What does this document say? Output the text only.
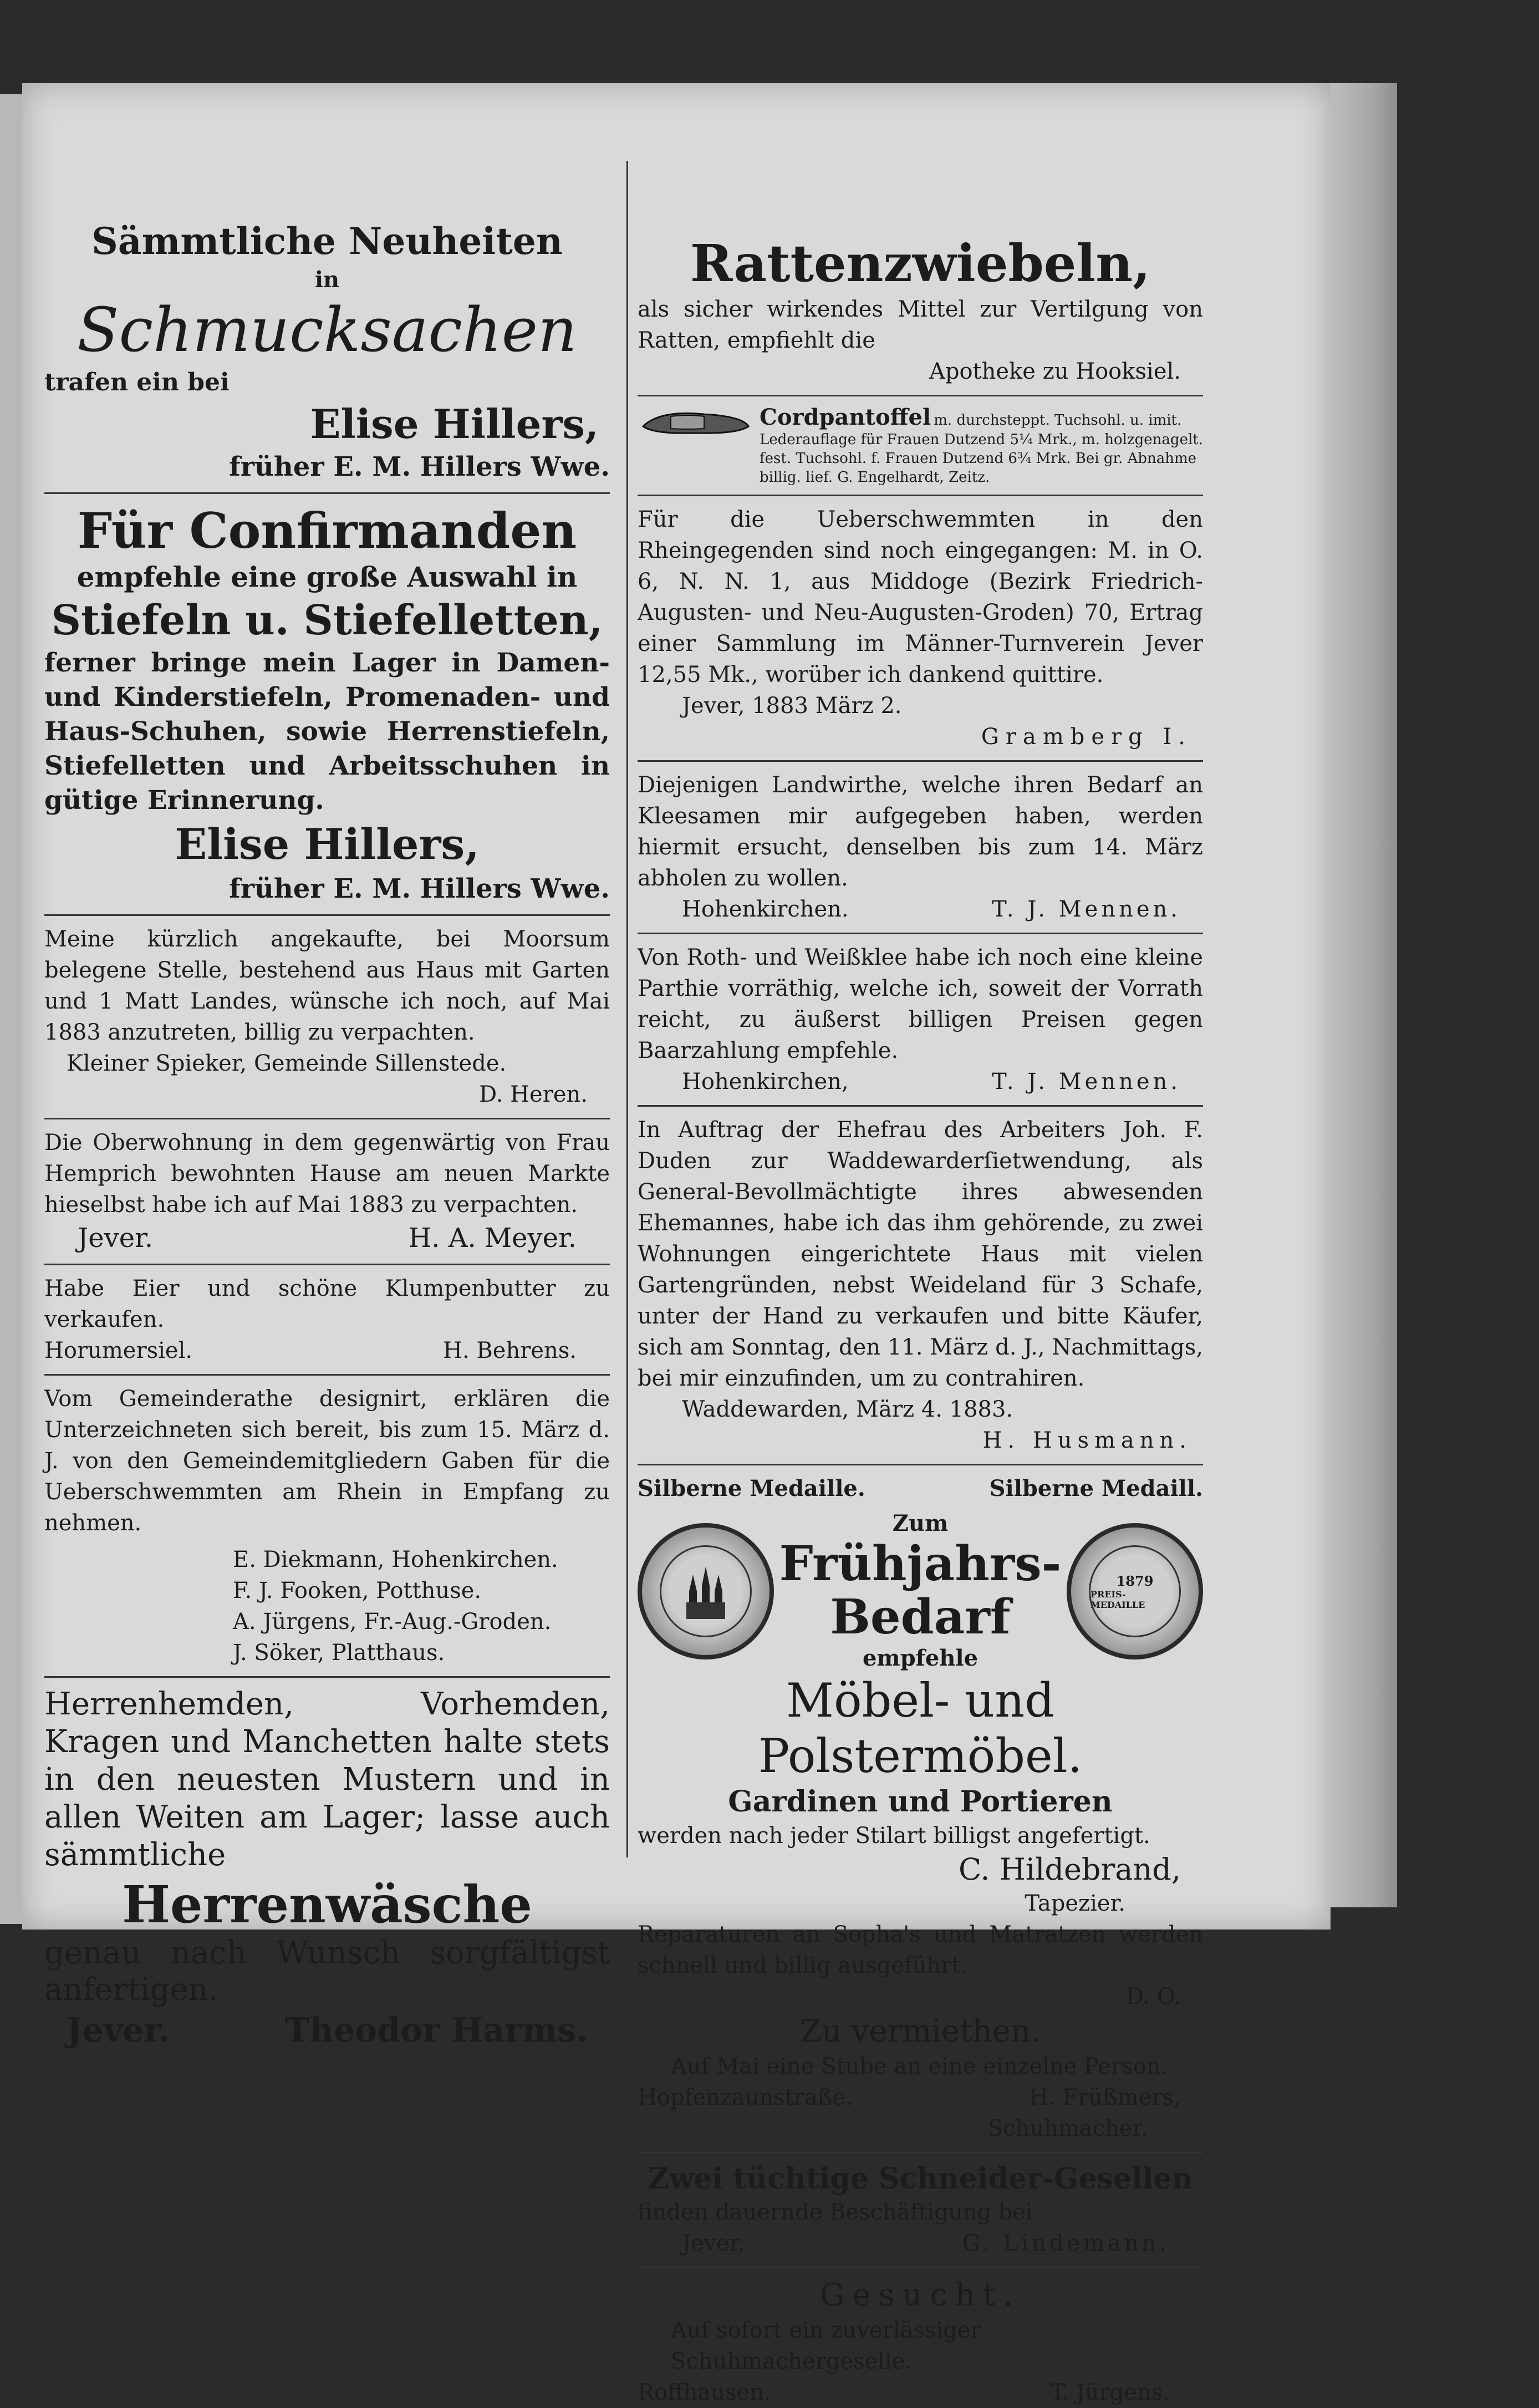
Sämmtliche Neuheiten

in

Schmucksachen

trafen ein bei

Elise Hillers,

früher E. M. Hillers Wwe.

Für Confirmanden

empfehle eine große Auswahl in

Stiefeln u. Stiefelletten,

ferner bringe mein Lager in Damen- und Kinderstiefeln, Promenaden- und Haus-Schuhen, sowie Herrenstiefeln, Stiefelletten und Arbeitsschuhen in gütige Erinnerung.

Elise Hillers,

früher E. M. Hillers Wwe.

Meine kürzlich angekaufte, bei Moorsum belegene Stelle, bestehend aus Haus mit Garten und 1 Matt Landes, wünsche ich noch, auf Mai 1883 anzutreten, billig zu verpachten.

Kleiner Spieker, Gemeinde Sillenstede.

D. Heren.

Die Oberwohnung in dem gegenwärtig von Frau Hemprich bewohnten Hause am neuen Markte hieselbst habe ich auf Mai 1883 zu verpachten.

Jever.	H. A. Meyer.

Habe Eier und schöne Klumpenbutter zu verkaufen.

Horumersiel.	H. Behrens.

Vom Gemeinderathe designirt, erklären die Unterzeichneten sich bereit, bis zum 15. März d. J. von den Gemeindemitgliedern Gaben für die Ueberschwemmten am Rhein in Empfang zu nehmen.

E. Diekmann, Hohenkirchen.

F. J. Fooken, Potthuse.

A. Jürgens, Fr.-Aug.-Groden.

J. Söker, Platthaus.

Herrenhemden, Vorhemden, Kragen und Manchetten halte stets in den neuesten Mustern und in allen Weiten am Lager; lasse auch sämmtliche

Herrenwäsche

genau nach Wunsch sorgfältigst anfertigen.

Jever.	Theodor Harms.

Rattenzwiebeln,

als sicher wirkendes Mittel zur Vertilgung von Ratten, empfiehlt die

Apotheke zu Hooksiel.

Cordpantoffel m. durchsteppt. Tuchsohl. u. imit. Lederauflage für Frauen Dutzend 5¼ Mrk., m. holzgenagelt. fest. Tuchsohl. f. Frauen Dutzend 6¾ Mrk. Bei gr. Abnahme billig. lief. G. Engelhardt, Zeitz.

Für die Ueberschwemmten in den Rheingegenden sind noch eingegangen: M. in O. 6, N. N. 1, aus Middoge (Bezirk Friedrich-Augusten- und Neu-Augusten-Groden) 70, Ertrag einer Sammlung im Männer-Turnverein Jever 12,55 Mk., worüber ich dankend quittire.

Jever, 1883 März 2.

Gramberg I.

Diejenigen Landwirthe, welche ihren Bedarf an Kleesamen mir aufgegeben haben, werden hiermit ersucht, denselben bis zum 14. März abholen zu wollen.

Hohenkirchen.	T. J. Mennen.

Von Roth- und Weißklee habe ich noch eine kleine Parthie vorräthig, welche ich, soweit der Vorrath reicht, zu äußerst billigen Preisen gegen Baarzahlung empfehle.

Hohenkirchen,	T. J. Mennen.

In Auftrag der Ehefrau des Arbeiters Joh. F. Duden zur Waddewarderſietwendung, als General-Bevollmächtigte ihres abwesenden Ehemannes, habe ich das ihm gehörende, zu zwei Wohnungen eingerichtete Haus mit vielen Gartengründen, nebst Weideland für 3 Schafe, unter der Hand zu verkaufen und bitte Käufer, sich am Sonntag, den 11. März d. J., Nachmittags, bei mir einzufinden, um zu contrahiren.

Waddewarden, März 4. 1883.

H. Husmann.

Silberne Medaille.	Silberne Medaill.

Zum

Frühjahrs-

Bedarf

empfehle

1879
PREIS-MEDAILLE

Möbel- und Polstermöbel.

Gardinen und Portieren

werden nach jeder Stilart billigst angefertigt.

C. Hildebrand,

Tapezier.

Reparaturen an Sopha's und Matratzen werden schnell und billig ausgeführt.

D. O.

Zu vermiethen.

Auf Mai eine Stube an eine einzelne Person.

Hopfenzaunstraße.	H. Früßmers,

Schuhmacher.

Zwei tüchtige Schneider-Gesellen

finden dauernde Beschäftigung bei

Jever.	G. Lindemann.

Gesucht.

Auf sofort ein zuverlässiger Schuhmachergeselle.

Roffhausen.	T. Jürgens.
